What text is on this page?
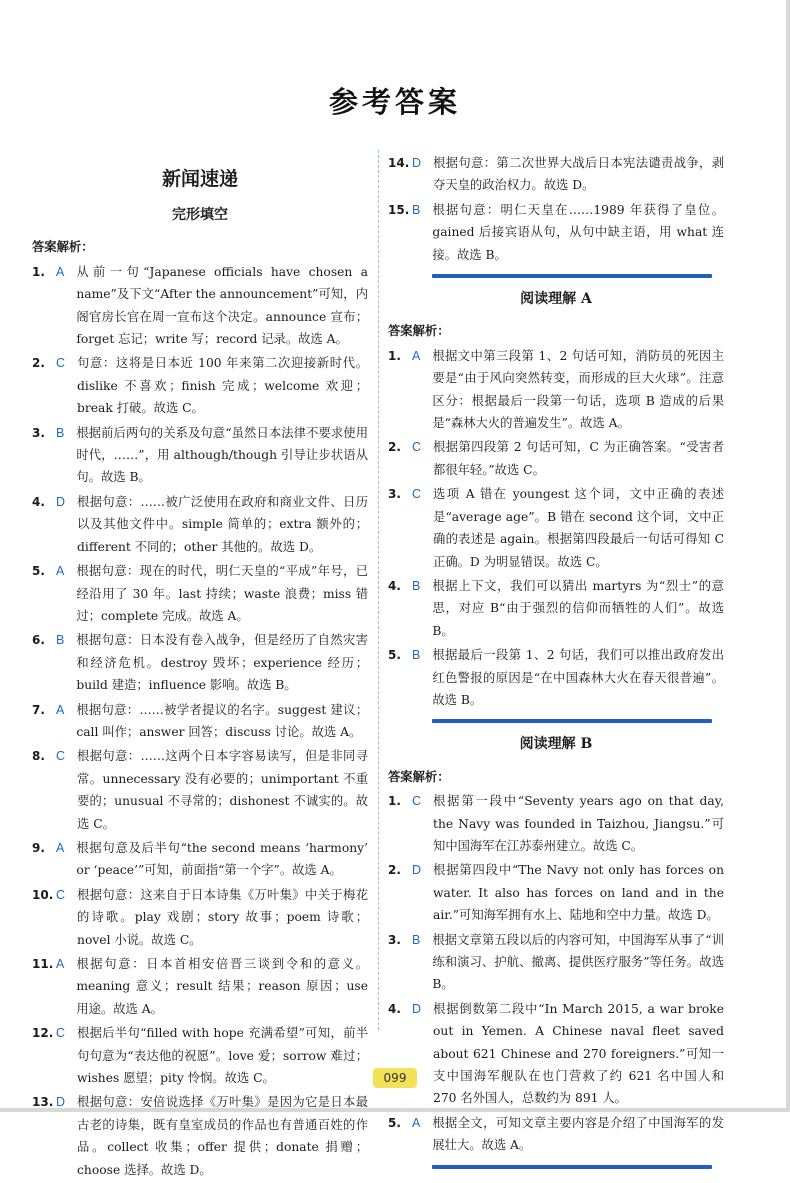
参考答案
新闻速递
完形填空
答案解析：
1. A 从前一句“Japanese officials have chosen a name”及下文“After the announcement”可知，内阁官房长官在周一宣布这个决定。announce 宣布；forget 忘记；write 写；record 记录。故选 A。
2. C 句意：这将是日本近 100 年来第二次迎接新时代。dislike 不喜欢；finish 完成；welcome 欢迎；break 打破。故选 C。
3. B 根据前后两句的关系及句意“虽然日本法律不要求使用时代，……”，用 although/though 引导让步状语从句。故选 B。
4. D 根据句意：……被广泛使用在政府和商业文件、日历以及其他文件中。simple 简单的；extra 额外的；different 不同的；other 其他的。故选 D。
5. A 根据句意：现在的时代，明仁天皇的“平成”年号，已经沿用了 30 年。last 持续；waste 浪费；miss 错过；complete 完成。故选 A。
6. B 根据句意：日本没有卷入战争，但是经历了自然灾害和经济危机。destroy 毁坏；experience 经历；build 建造；influence 影响。故选 B。
7. A 根据句意：……被学者提议的名字。suggest 建议；call 叫作；answer 回答；discuss 讨论。故选 A。
8. C 根据句意：……这两个日本字容易读写，但是非同寻常。unnecessary 没有必要的；unimportant 不重要的；unusual 不寻常的；dishonest 不诚实的。故选 C。
9. A 根据句意及后半句“the second means ‘harmony’ or ‘peace’”可知，前面指“第一个字”。故选 A。
10. C 根据句意：这来自于日本诗集《万叶集》中关于梅花的诗歌。play 戏剧；story 故事；poem 诗歌；novel 小说。故选 C。
11. A 根据句意：日本首相安倍晋三谈到令和的意义。meaning 意义；result 结果；reason 原因；use 用途。故选 A。
12. C 根据后半句“filled with hope 充满希望”可知，前半句句意为“表达他的祝愿”。love 爱；sorrow 难过；wishes 愿望；pity 怜悯。故选 C。
13. D 根据句意：安倍说选择《万叶集》是因为它是日本最古老的诗集，既有皇室成员的作品也有普通百姓的作品。collect 收集；offer 提供；donate 捐赠；choose 选择。故选 D。
14. D 根据句意：第二次世界大战后日本宪法谴责战争，剥夺天皇的政治权力。故选 D。
15. B 根据句意：明仁天皇在……1989 年获得了皇位。gained 后接宾语从句，从句中缺主语，用 what 连接。故选 B。
阅读理解 A
答案解析：
1. A 根据文中第三段第 1、2 句话可知，消防员的死因主要是“由于风向突然转变，而形成的巨大火球”。注意区分：根据最后一段第一句话，选项 B 造成的后果是“森林大火的普遍发生”。故选 A。
2. C 根据第四段第 2 句话可知，C 为正确答案。“受害者都很年轻。”故选 C。
3. C 选项 A 错在 youngest 这个词，文中正确的表述是“average age”。B 错在 second 这个词，文中正确的表述是 again。根据第四段最后一句话可得知 C 正确。D 为明显错误。故选 C。
4. B 根据上下文，我们可以猜出 martyrs 为“烈士”的意思，对应 B“由于强烈的信仰而牺牲的人们”。故选 B。
5. B 根据最后一段第 1、2 句话，我们可以推出政府发出红色警报的原因是“在中国森林大火在春天很普遍”。故选 B。
阅读理解 B
答案解析：
1. C 根据第一段中“Seventy years ago on that day, the Navy was founded in Taizhou, Jiangsu.”可知中国海军在江苏泰州建立。故选 C。
2. D 根据第四段中“The Navy not only has forces on water. It also has forces on land and in the air.”可知海军拥有水上、陆地和空中力量。故选 D。
3. B 根据文章第五段以后的内容可知，中国海军从事了“训练和演习、护航、撤离、提供医疗服务”等任务。故选 B。
4. D 根据倒数第二段中“In March 2015, a war broke out in Yemen. A Chinese naval fleet saved about 621 Chinese and 270 foreigners.”可知一支中国海军舰队在也门营救了约 621 名中国人和 270 名外国人，总数约为 891 人。
5. A 根据全文，可知文章主要内容是介绍了中国海军的发展壮大。故选 A。
099
